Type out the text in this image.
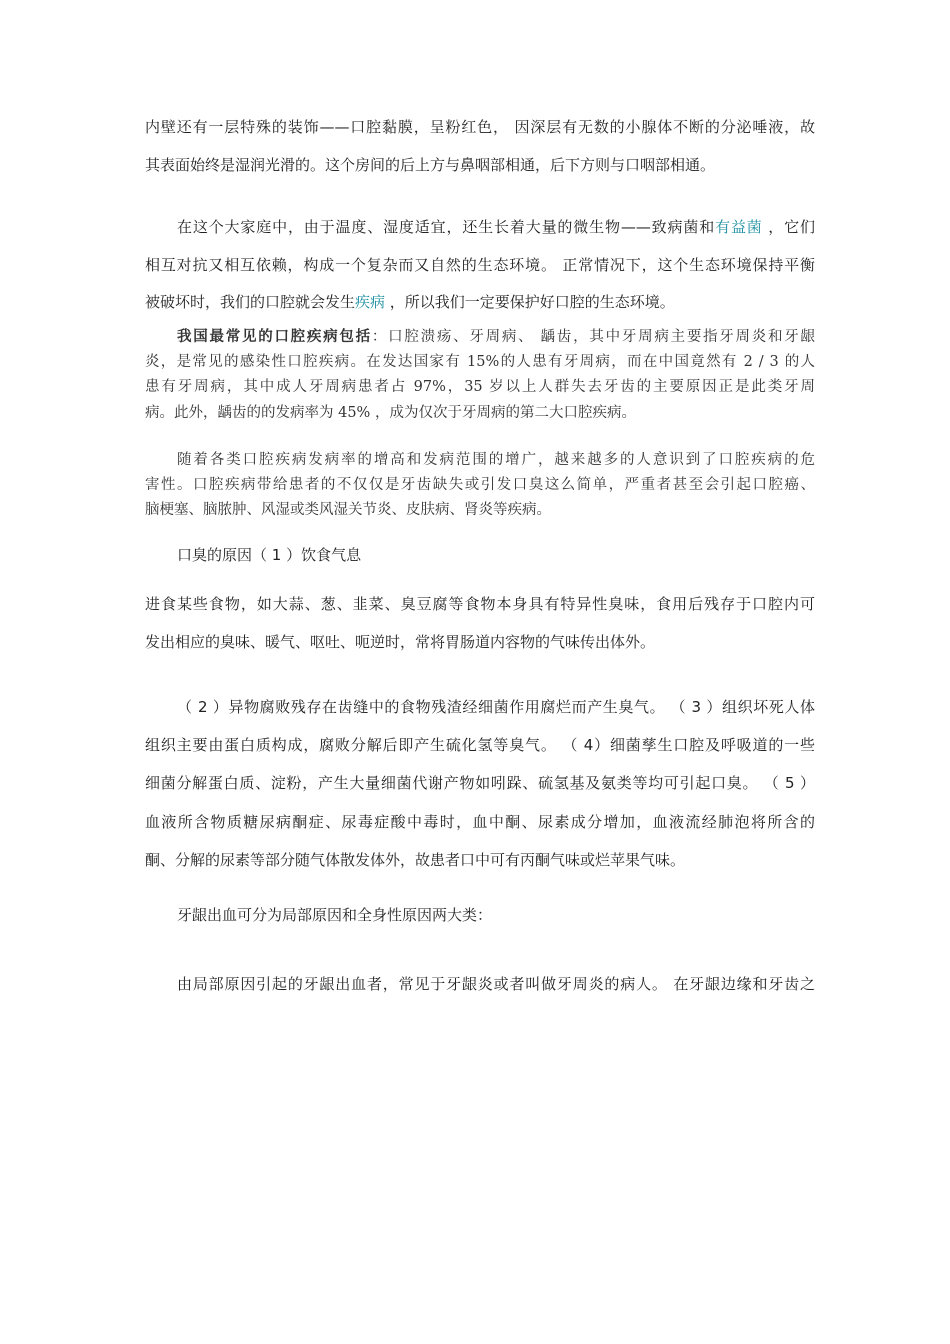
内壁还有一层特殊的装饰——口腔黏膜，呈粉红色， 因深层有无数的小腺体不断的分泌唾液，故
其表面始终是湿润光滑的。这个房间的后上方与鼻咽部相通，后下方则与口咽部相通。
在这个大家庭中，由于温度、湿度适宜，还生长着大量的微生物——致病菌和有益菌 ，它们
相互对抗又相互依赖，构成一个复杂而又自然的生态环境。 正常情况下，这个生态环境保持平衡
被破坏时，我们的口腔就会发生疾病 ，所以我们一定要保护好口腔的生态环境。
我国最常见的口腔疾病包括：口腔溃疡、牙周病、 龋齿，其中牙周病主要指牙周炎和牙龈
炎，是常见的感染性口腔疾病。在发达国家有 15%的人患有牙周病，而在中国竟然有 2 / 3 的人
患有牙周病，其中成人牙周病患者占 97%，35 岁以上人群失去牙齿的主要原因正是此类牙周
病。此外，龋齿的的发病率为 45% ，成为仅次于牙周病的第二大口腔疾病。
随着各类口腔疾病发病率的增高和发病范围的增广，越来越多的人意识到了口腔疾病的危
害性。口腔疾病带给患者的不仅仅是牙齿缺失或引发口臭这么简单，严重者甚至会引起口腔癌、
脑梗塞、脑脓肿、风湿或类风湿关节炎、皮肤病、肾炎等疾病。
口臭的原因（ 1 ）饮食气息
进食某些食物，如大蒜、葱、韭菜、臭豆腐等食物本身具有特异性臭味，食用后残存于口腔内可
发出相应的臭味、暖气、呕吐、呃逆时，常将胃肠道内容物的气味传出体外。
（ 2 ）异物腐败残存在齿缝中的食物残渣经细菌作用腐烂而产生臭气。 （ 3 ）组织坏死人体
组织主要由蛋白质构成，腐败分解后即产生硫化氢等臭气。 （ 4）细菌孳生口腔及呼吸道的一些
细菌分解蛋白质、淀粉，产生大量细菌代谢产物如吲跺、硫氢基及氨类等均可引起口臭。 （ 5 ）
血液所含物质糖尿病酮症、尿毒症酸中毒时，血中酮、尿素成分增加，血液流经肺泡将所含的
酮、分解的尿素等部分随气体散发体外，故患者口中可有丙酮气味或烂苹果气味。
牙龈出血可分为局部原因和全身性原因两大类：
由局部原因引起的牙龈出血者，常见于牙龈炎或者叫做牙周炎的病人。 在牙龈边缘和牙齿之
